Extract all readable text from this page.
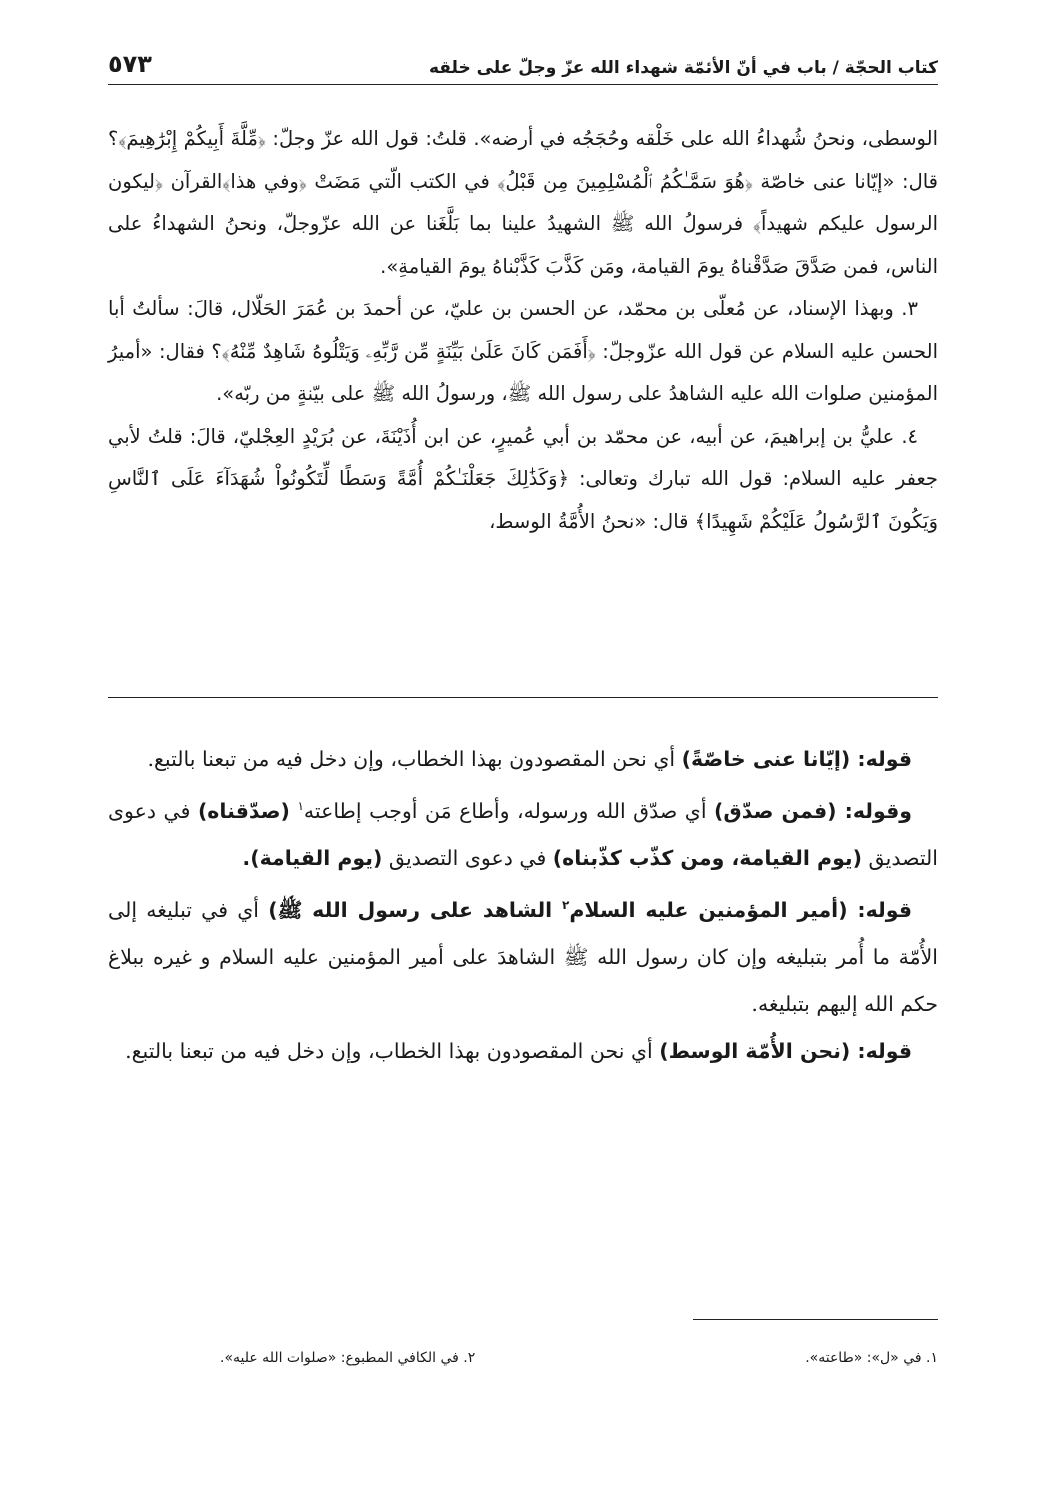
كتاب الحجّة / باب في أنّ الأئمّة شهداء الله عزّ وجلّ على خلقه
٥٧٣

الوسطى، ونحنُ شُهداءُ الله على خَلْقه وحُجَجُه في أرضه». قلتُ: قول الله عزّ وجلّ: ﴿مِّلَّةَ أَبِيكُمْ إِبْرَٰهِيمَ﴾؟ قال: «إيّانا عنى خاصّة ﴿هُوَ سَمَّـٰكُمُ ٱلْمُسْلِمِينَ مِن قَبْلُ﴾ في الكتب الّتي مَضَتْ ﴿وفي هذا﴾القرآن ﴿ليكون الرسول عليكم شهيداً﴾ فرسولُ الله ﷺ الشهيدُ علينا بما بَلَّغَنا عن الله عزّوجلّ، ونحنُ الشهداءُ على الناس، فمن صَدَّقَ صَدَّقْناهُ يومَ القيامة، ومَن كَذَّبَ كَذَّبْناهُ يومَ القيامةِ».

٣. وبهذا الإسناد، عن مُعلّى بن محمّد، عن الحسن بن عليّ، عن أحمدَ بن عُمَرَ الحَلّال، قالَ: سألتُ أبا الحسن عليه السلام عن قول الله عزّوجلّ: ﴿أَفَمَن كَانَ عَلَىٰ بَيِّنَةٍ مِّن رَّبِّهِۦ وَيَتْلُوهُ شَاهِدٌ مِّنْهُ﴾؟ فقال: «أميرُ المؤمنين صلوات الله عليه الشاهدُ على رسول الله ﷺ، ورسولُ الله ﷺ على بيّنةٍ من ربّه».

٤. عليُّ بن إبراهيمَ، عن أبيه، عن محمّد بن أبي عُميرٍ، عن ابن أُذَيْنَةَ، عن بُرَيْدٍ العِجْليّ، قالَ: قلتُ لأبي جعفر عليه السلام: قول الله تبارك وتعالى: ﴿وَكَذَٰلِكَ جَعَلْنَـٰكُمْ أُمَّةً وَسَطًا لِّتَكُونُواْ شُهَدَآءَ عَلَى ٱلنَّاسِ وَيَكُونَ ٱلرَّسُولُ عَلَيْكُمْ شَهِيدًا﴾ قال: «نحنُ الأُمَّةُ الوسط،

قوله: (إيّانا عنى خاصّةً) أي نحن المقصودون بهذا الخطاب، وإن دخل فيه من تبعنا بالتبع.

وقوله: (فمن صدّق) أي صدّق الله ورسوله، وأطاع مَن أوجب إطاعته$^١$ (صدّقناه) في دعوى التصديق (يوم القيامة، ومن كذّب كذّبناه) في دعوى التصديق (يوم القيامة).

قوله: (أمير المؤمنين عليه السلام$^٢$ الشاهد على رسول الله ﷺ) أي في تبليغه إلى الأُمّة ما أُمر بتبليغه وإن كان رسول الله ﷺ الشاهدَ على أمير المؤمنين عليه السلام و غيره ببلاغ حكم الله إليهم بتبليغه.

قوله: (نحن الأُمّة الوسط) أي نحن المقصودون بهذا الخطاب، وإن دخل فيه من تبعنا بالتبع.

١. في «ل»: «طاعته».
٢. في الكافي المطبوع: «صلوات الله عليه».
